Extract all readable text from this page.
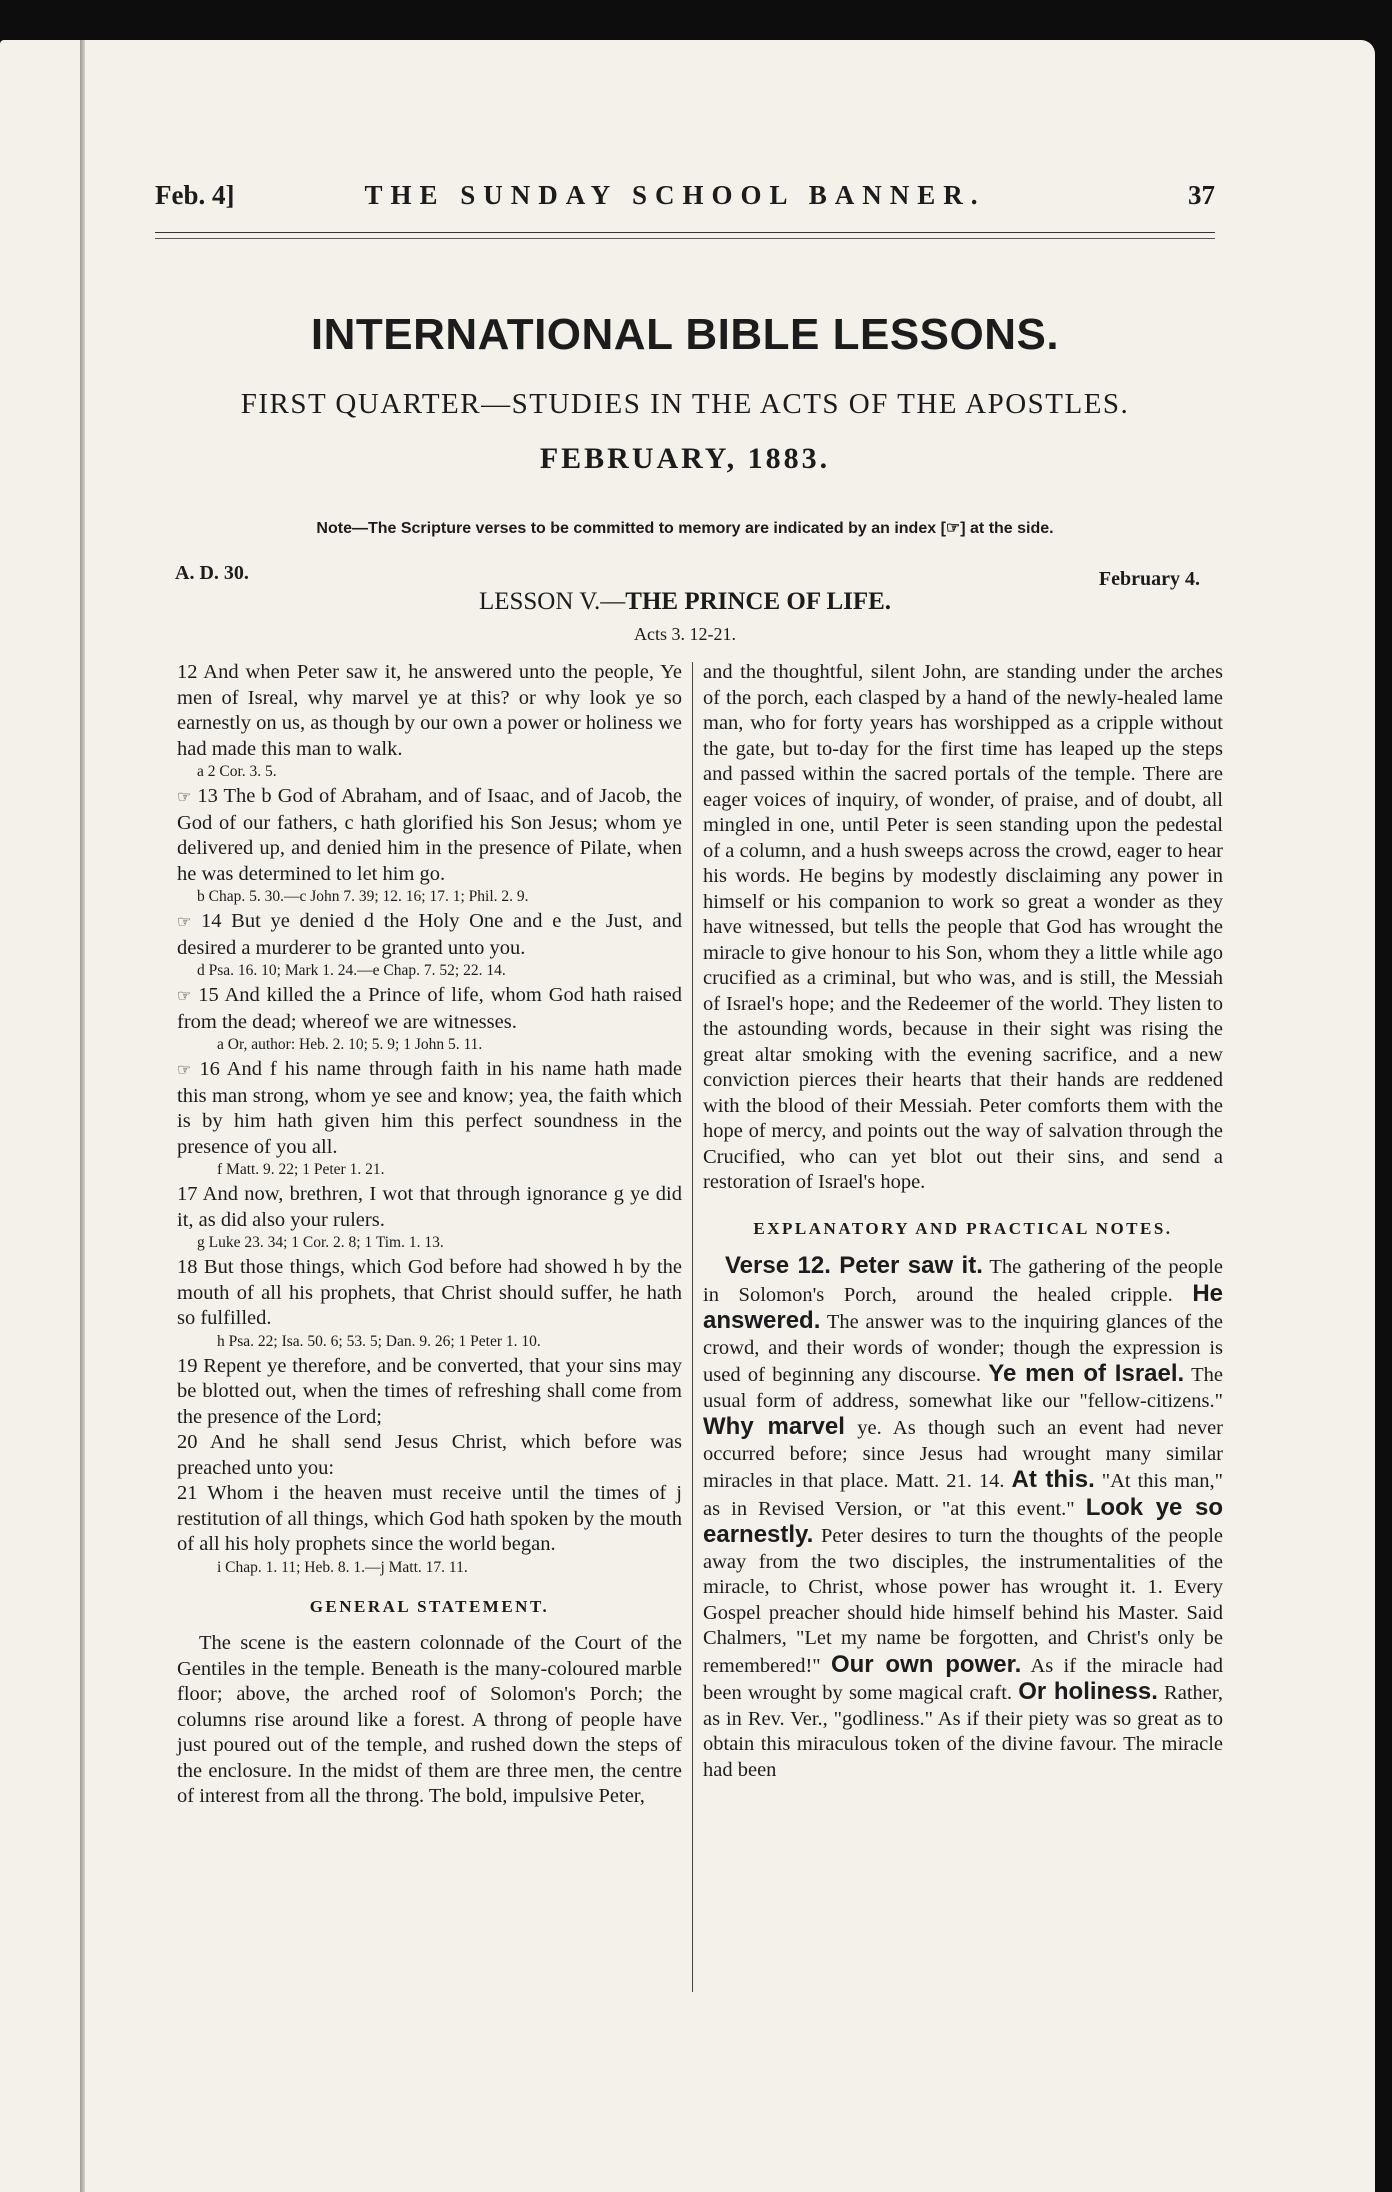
Feb. 4]	THE SUNDAY SCHOOL BANNER.	37
INTERNATIONAL BIBLE LESSONS.
FIRST QUARTER—STUDIES IN THE ACTS OF THE APOSTLES.
FEBRUARY, 1883.
Note—The Scripture verses to be committed to memory are indicated by an index [☞] at the side.
A. D. 30.	February 4.
LESSON V.—THE PRINCE OF LIFE.
Acts 3. 12-21.

12 And when Peter saw it, he answered unto the people, Ye men of Isreal, why marvel ye at this? or why look ye so earnestly on us, as though by our own a power or holiness we had made this man to walk.

a 2 Cor. 3. 5.

☞ 13 The b God of Abraham, and of Isaac, and of Jacob, the God of our fathers, c hath glorified his Son Jesus; whom ye delivered up, and denied him in the presence of Pilate, when he was determined to let him go.

b Chap. 5. 30.—c John 7. 39; 12. 16; 17. 1; Phil. 2. 9.

☞ 14 But ye denied d the Holy One and e the Just, and desired a murderer to be granted unto you.

d Psa. 16. 10; Mark 1. 24.—e Chap. 7. 52; 22. 14.

☞ 15 And killed the a Prince of life, whom God hath raised from the dead; whereof we are witnesses.

a Or, author: Heb. 2. 10; 5. 9; 1 John 5. 11.

☞ 16 And f his name through faith in his name hath made this man strong, whom ye see and know; yea, the faith which is by him hath given him this perfect soundness in the presence of you all.

f Matt. 9. 22; 1 Peter 1. 21.

17 And now, brethren, I wot that through ignorance g ye did it, as did also your rulers.

g Luke 23. 34; 1 Cor. 2. 8; 1 Tim. 1. 13.

18 But those things, which God before had showed h by the mouth of all his prophets, that Christ should suffer, he hath so fulfilled.

h Psa. 22; Isa. 50. 6; 53. 5; Dan. 9. 26; 1 Peter 1. 10.

19 Repent ye therefore, and be converted, that your sins may be blotted out, when the times of refreshing shall come from the presence of the Lord;

20 And he shall send Jesus Christ, which before was preached unto you:

21 Whom i the heaven must receive until the times of j restitution of all things, which God hath spoken by the mouth of all his holy prophets since the world began.

i Chap. 1. 11; Heb. 8. 1.—j Matt. 17. 11.

GENERAL STATEMENT.

The scene is the eastern colonnade of the Court of the Gentiles in the temple. Beneath is the many-coloured marble floor; above, the arched roof of Solomon's Porch; the columns rise around like a forest. A throng of people have just poured out of the temple, and rushed down the steps of the enclosure. In the midst of them are three men, the centre of interest from all the throng. The bold, impulsive Peter,

and the thoughtful, silent John, are standing under the arches of the porch, each clasped by a hand of the newly-healed lame man, who for forty years has worshipped as a cripple without the gate, but to-day for the first time has leaped up the steps and passed within the sacred portals of the temple. There are eager voices of inquiry, of wonder, of praise, and of doubt, all mingled in one, until Peter is seen standing upon the pedestal of a column, and a hush sweeps across the crowd, eager to hear his words. He begins by modestly disclaiming any power in himself or his companion to work so great a wonder as they have witnessed, but tells the people that God has wrought the miracle to give honour to his Son, whom they a little while ago crucified as a criminal, but who was, and is still, the Messiah of Israel's hope; and the Redeemer of the world. They listen to the astounding words, because in their sight was rising the great altar smoking with the evening sacrifice, and a new conviction pierces their hearts that their hands are reddened with the blood of their Messiah. Peter comforts them with the hope of mercy, and points out the way of salvation through the Crucified, who can yet blot out their sins, and send a restoration of Israel's hope.

EXPLANATORY AND PRACTICAL NOTES.

Verse 12. Peter saw it. The gathering of the people in Solomon's Porch, around the healed cripple. He answered. The answer was to the inquiring glances of the crowd, and their words of wonder; though the expression is used of beginning any discourse. Ye men of Israel. The usual form of address, somewhat like our "fellow-citizens." Why marvel ye. As though such an event had never occurred before; since Jesus had wrought many similar miracles in that place. Matt. 21. 14. At this. "At this man," as in Revised Version, or "at this event." Look ye so earnestly. Peter desires to turn the thoughts of the people away from the two disciples, the instrumentalities of the miracle, to Christ, whose power has wrought it. 1. Every Gospel preacher should hide himself behind his Master. Said Chalmers, "Let my name be forgotten, and Christ's only be remembered!" Our own power. As if the miracle had been wrought by some magical craft. Or holiness. Rather, as in Rev. Ver., "godliness." As if their piety was so great as to obtain this miraculous token of the divine favour. The miracle had been
